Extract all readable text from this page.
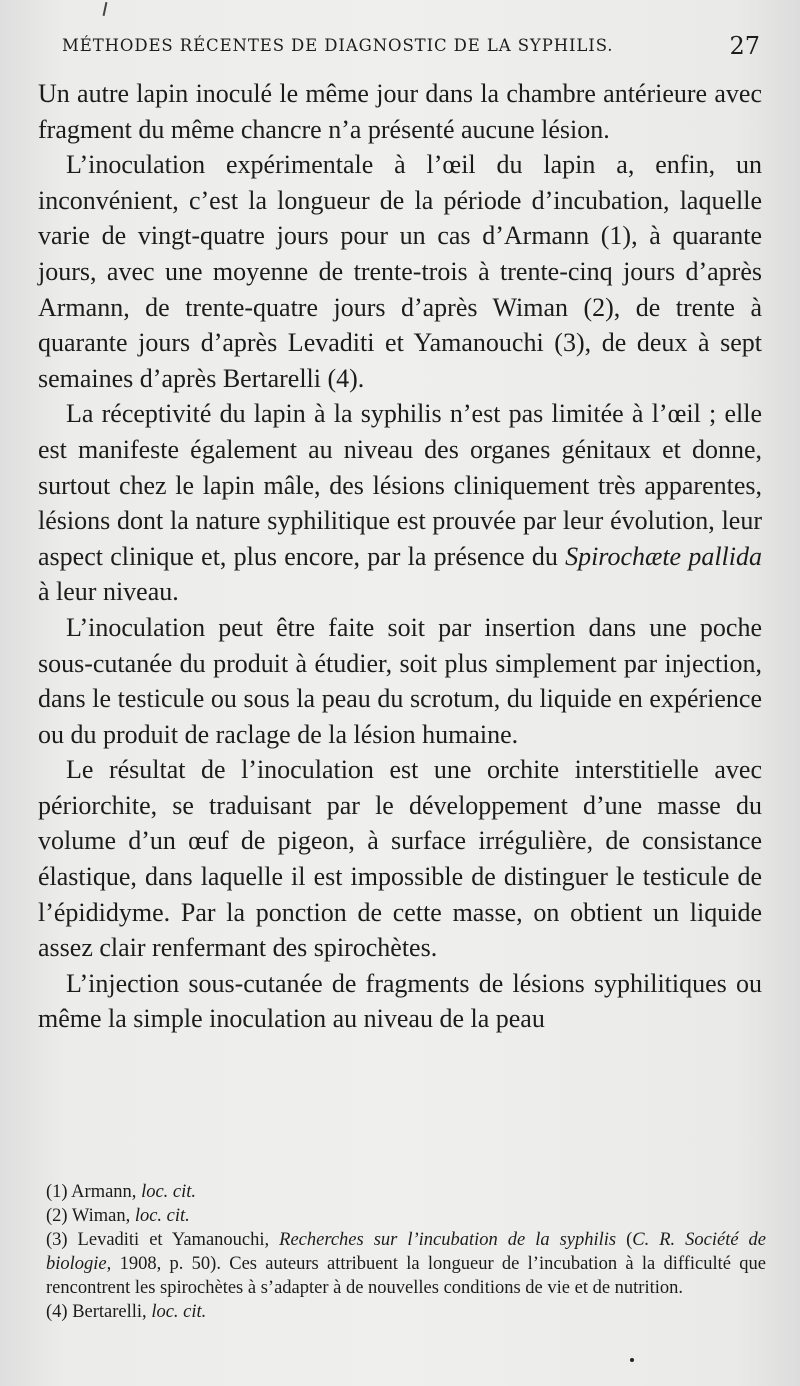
MÉTHODES RÉCENTES DE DIAGNOSTIC DE LA SYPHILIS.	27

Un autre lapin inoculé le même jour dans la chambre antérieure avec fragment du même chancre n’a présenté aucune lésion.

L’inoculation expérimentale à l’œil du lapin a, enfin, un inconvénient, c’est la longueur de la période d’incubation, laquelle varie de vingt-quatre jours pour un cas d’Armann (1), à quarante jours, avec une moyenne de trente-trois à trente-cinq jours d’après Armann, de trente-quatre jours d’après Wiman (2), de trente à quarante jours d’après Levaditi et Yamanouchi (3), de deux à sept semaines d’après Bertarelli (4).

La réceptivité du lapin à la syphilis n’est pas limitée à l’œil ; elle est manifeste également au niveau des organes génitaux et donne, surtout chez le lapin mâle, des lésions cliniquement très apparentes, lésions dont la nature syphilitique est prouvée par leur évolution, leur aspect clinique et, plus encore, par la présence du Spirochæte pallida à leur niveau.

L’inoculation peut être faite soit par insertion dans une poche sous-cutanée du produit à étudier, soit plus simplement par injection, dans le testicule ou sous la peau du scrotum, du liquide en expérience ou du produit de raclage de la lésion humaine.

Le résultat de l’inoculation est une orchite interstitielle avec périorchite, se traduisant par le développement d’une masse du volume d’un œuf de pigeon, à surface irrégulière, de consistance élastique, dans laquelle il est impossible de distinguer le testicule de l’épididyme. Par la ponction de cette masse, on obtient un liquide assez clair renfermant des spirochètes.

L’injection sous-cutanée de fragments de lésions syphilitiques ou même la simple inoculation au niveau de la peau

(1) Armann, loc. cit.

(2) Wiman, loc. cit.

(3) Levaditi et Yamanouchi, Recherches sur l’incubation de la syphilis (C. R. Société de biologie, 1908, p. 50). Ces auteurs attribuent la longueur de l’incubation à la difficulté que rencontrent les spirochètes à s’adapter à de nouvelles conditions de vie et de nutrition.

(4) Bertarelli, loc. cit.
